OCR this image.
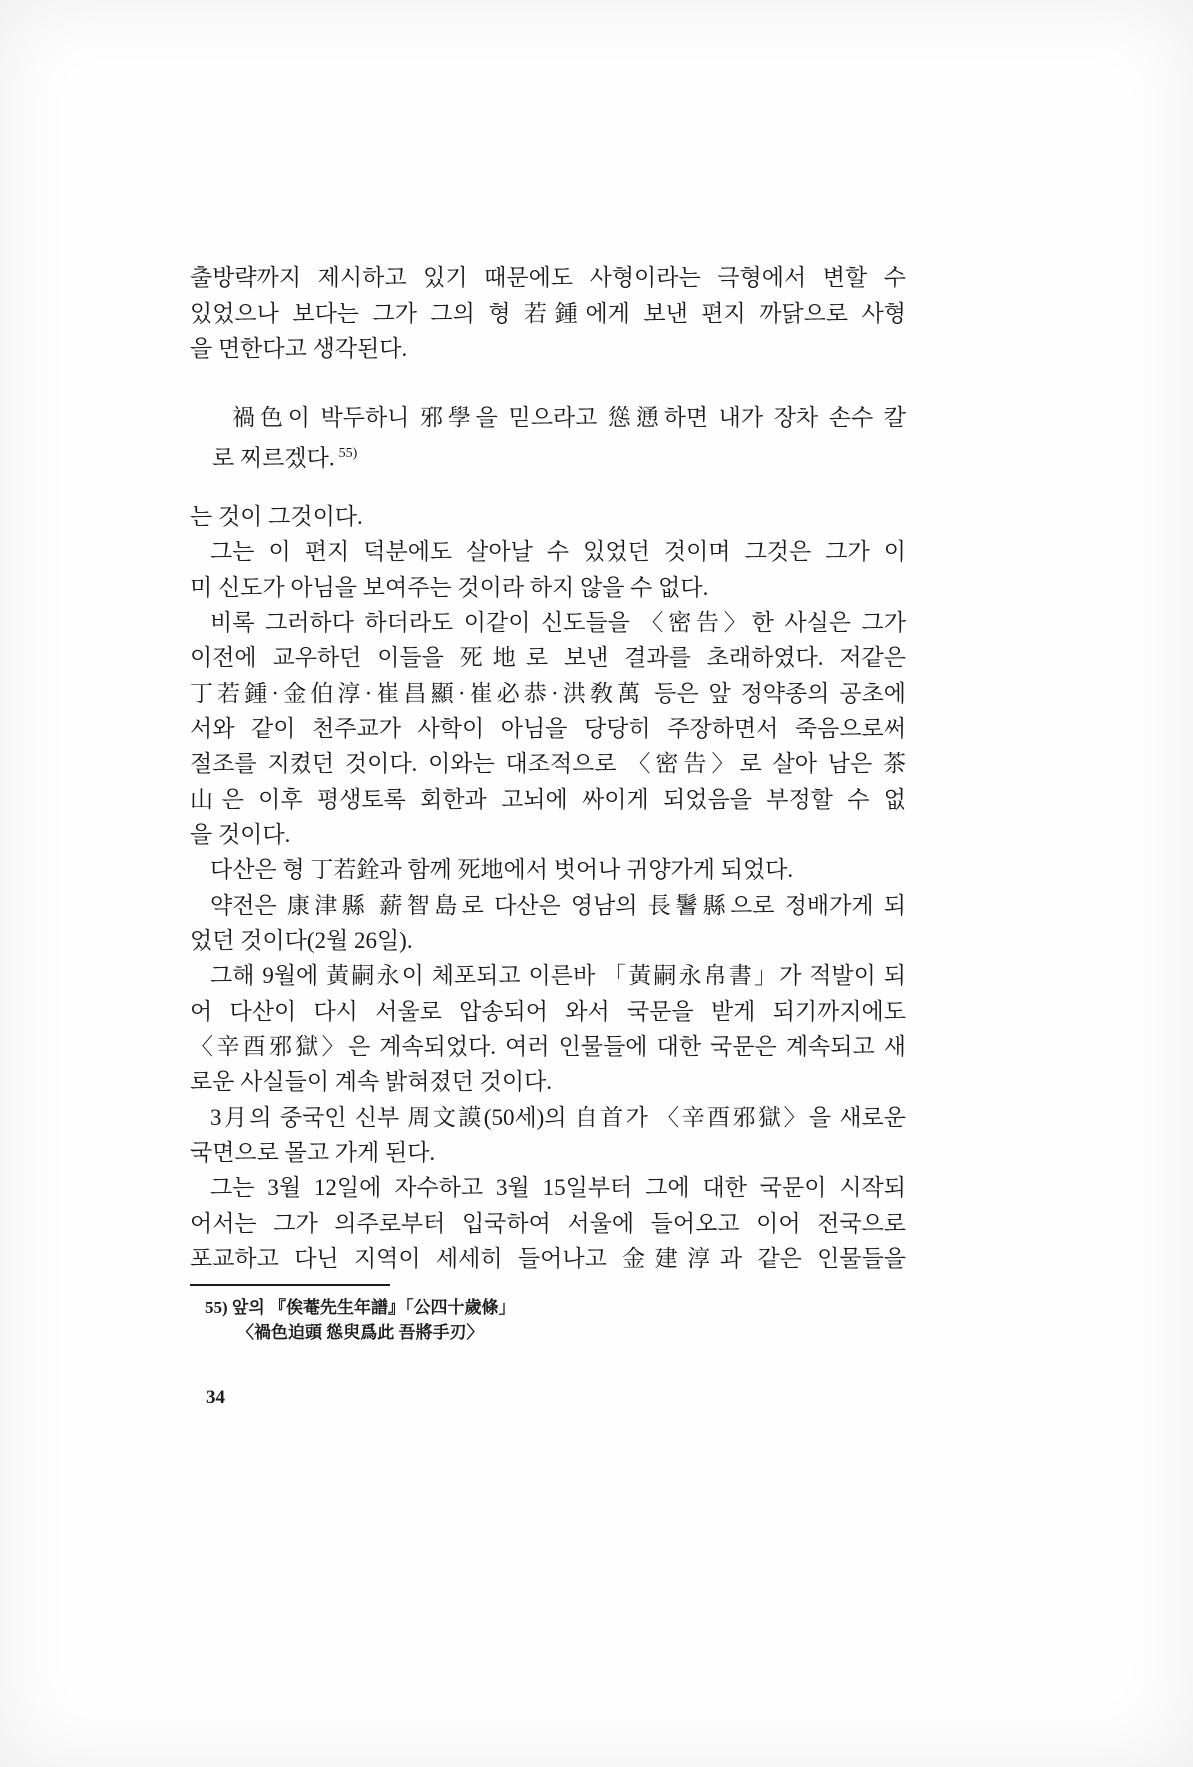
출방략까지 제시하고 있기 때문에도 사형이라는 극형에서 변할 수
있었으나 보다는 그가 그의 형 若鍾에게 보낸 편지 까닭으로 사형
을 면한다고 생각된다.
禍色이 박두하니 邪學을 믿으라고 慫慂하면 내가 장차 손수 칼
로 찌르겠다. $^{55)}$
는 것이 그것이다.
그는 이 편지 덕분에도 살아날 수 있었던 것이며 그것은 그가 이
미 신도가 아님을 보여주는 것이라 하지 않을 수 없다.
비록 그러하다 하더라도 이같이 신도들을 〈密告〉한 사실은 그가
이전에 교우하던 이들을 死地로 보낸 결과를 초래하였다. 저같은
丁若鍾·金伯淳·崔昌顯·崔必恭·洪敎萬 등은 앞 정약종의 공초에
서와 같이 천주교가 사학이 아님을 당당히 주장하면서 죽음으로써
절조를 지켰던 것이다. 이와는 대조적으로 〈密告〉로 살아 남은 茶
山은 이후 평생토록 회한과 고뇌에 싸이게 되었음을 부정할 수 없
을 것이다.
다산은 형 丁若銓과 함께 死地에서 벗어나 귀양가게 되었다.
약전은 康津縣 薪智島로 다산은 영남의 長鬐縣으로 정배가게 되
었던 것이다(2월 26일).
그해 9월에 黃嗣永이 체포되고 이른바 「黃嗣永帛書」가 적발이 되
어 다산이 다시 서울로 압송되어 와서 국문을 받게 되기까지에도
〈辛酉邪獄〉은 계속되었다. 여러 인물들에 대한 국문은 계속되고 새
로운 사실들이 계속 밝혀졌던 것이다.
3月의 중국인 신부 周文謨(50세)의 自首가 〈辛酉邪獄〉을 새로운
국면으로 몰고 가게 된다.
그는 3월 12일에 자수하고 3월 15일부터 그에 대한 국문이 시작되
어서는 그가 의주로부터 입국하여 서울에 들어오고 이어 전국으로
포교하고 다닌 지역이 세세히 들어나고 金建淳과 같은 인물들을
55) 앞의 『俟菴先生年譜』「公四十歲條」
〈禍色迫頭 慫臾爲此 吾將手刃〉
34
